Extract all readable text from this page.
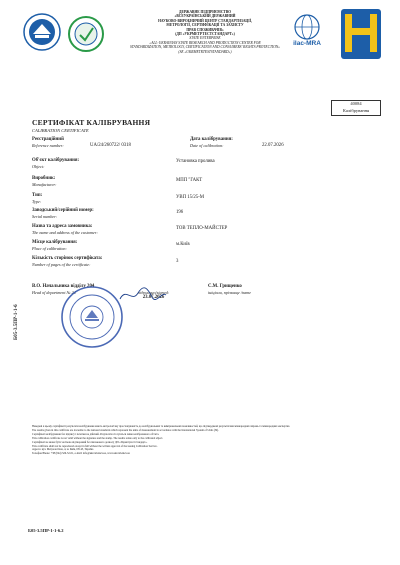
ДЕРЖАВНЕ ПІДПРИЄМСТВО
«ВСЕУКРАЇНСЬКИЙ ДЕРЖАВНИЙ
НАУКОВО-ВИРОБНИЧИЙ ЦЕНТР СТАНДАРТИЗАЦІЇ,
МЕТРОЛОГІЇ, СЕРТИФІКАЦІЇ ТА ЗАХИСТУ
ПРАВ СПОЖИВАЧІВ»
(ДП «УКРМЕТРТЕСТСТАНДАРТ»)
STATE ENTERPRISE
«ALL-UKRAINIAN STATE RESEARCH AND PRODUCTION CENTER FOR
STANDARDIZATION, METROLOGY, CERTIFICATION AND CONSUMERS' RIGHTS PROTECTION»
(SE «UKRMETRTESTSTANDARD»)
ilac-MRA
40084
Калібрування
СЕРТИФІКАТ КАЛІБРУВАННЯ
CALIBRATION CERTIFICATE
Реєстраційний
Reference number:	UA/24/260722/ 0318
Дата калібрування:
Date of calibration:	22.07.2026
Об'єкт калібрування:
Object:
Установка пролива
Виробник:
Manufacturer:
МПП "ГАКТ
Тип:
Type:
УВП 15/25-М
Заводський/серійний номер:
Serial number:
196
Назва та адреса замовника:
The name and address of the customer:
ТОВ ТЕПЛО-МАЙСТЕР
Місце калібрування:
Place of calibration:
м.Київ
Кількість сторінок сертифіката:
Number of pages of the certificate:
3
В.О. Начальника відділу 204
Head of department № 24	підписано/signed:
23.07.2026
С.М. Грищенко
ініціали, прізвище /name
Б05-3.5ПР-1-1-6

Наведені в цьому сертифікаті результати калібрування мають метрологічну простежуваність до калібрувальних та вимірювальних можливостей, що підтверджені результатами міжнародних звірень та міжнародних експертиз.

The results given in this certificate are traceable to the national standards which represent the units of measurement in accordance with the International System of Units (SI).

Сертифікат калібрування без підпису і печатки не дійсний. Результати стосуються лише каліброваного об'єкта.

This calibration certificate is not valid without the signature and the stamp. The results relate only to the calibrated object.

Сертифікат не може бути частково відтворений без письмового дозволу ДП «Укрметртестстандарт».

This certificate shall not be reproduced except in full without the written approval of the issuing Calibration Service.

Адреса: вул. Метрологічна, 4, м. Київ, 03143, Україна

Телефон/Phone: +38 (044) 526-52-01, e-mail: info@ukrcsm.kiev.ua, www.ukrcsm.kiev.ua

Б05-3.5ПР-1-1-6.2
